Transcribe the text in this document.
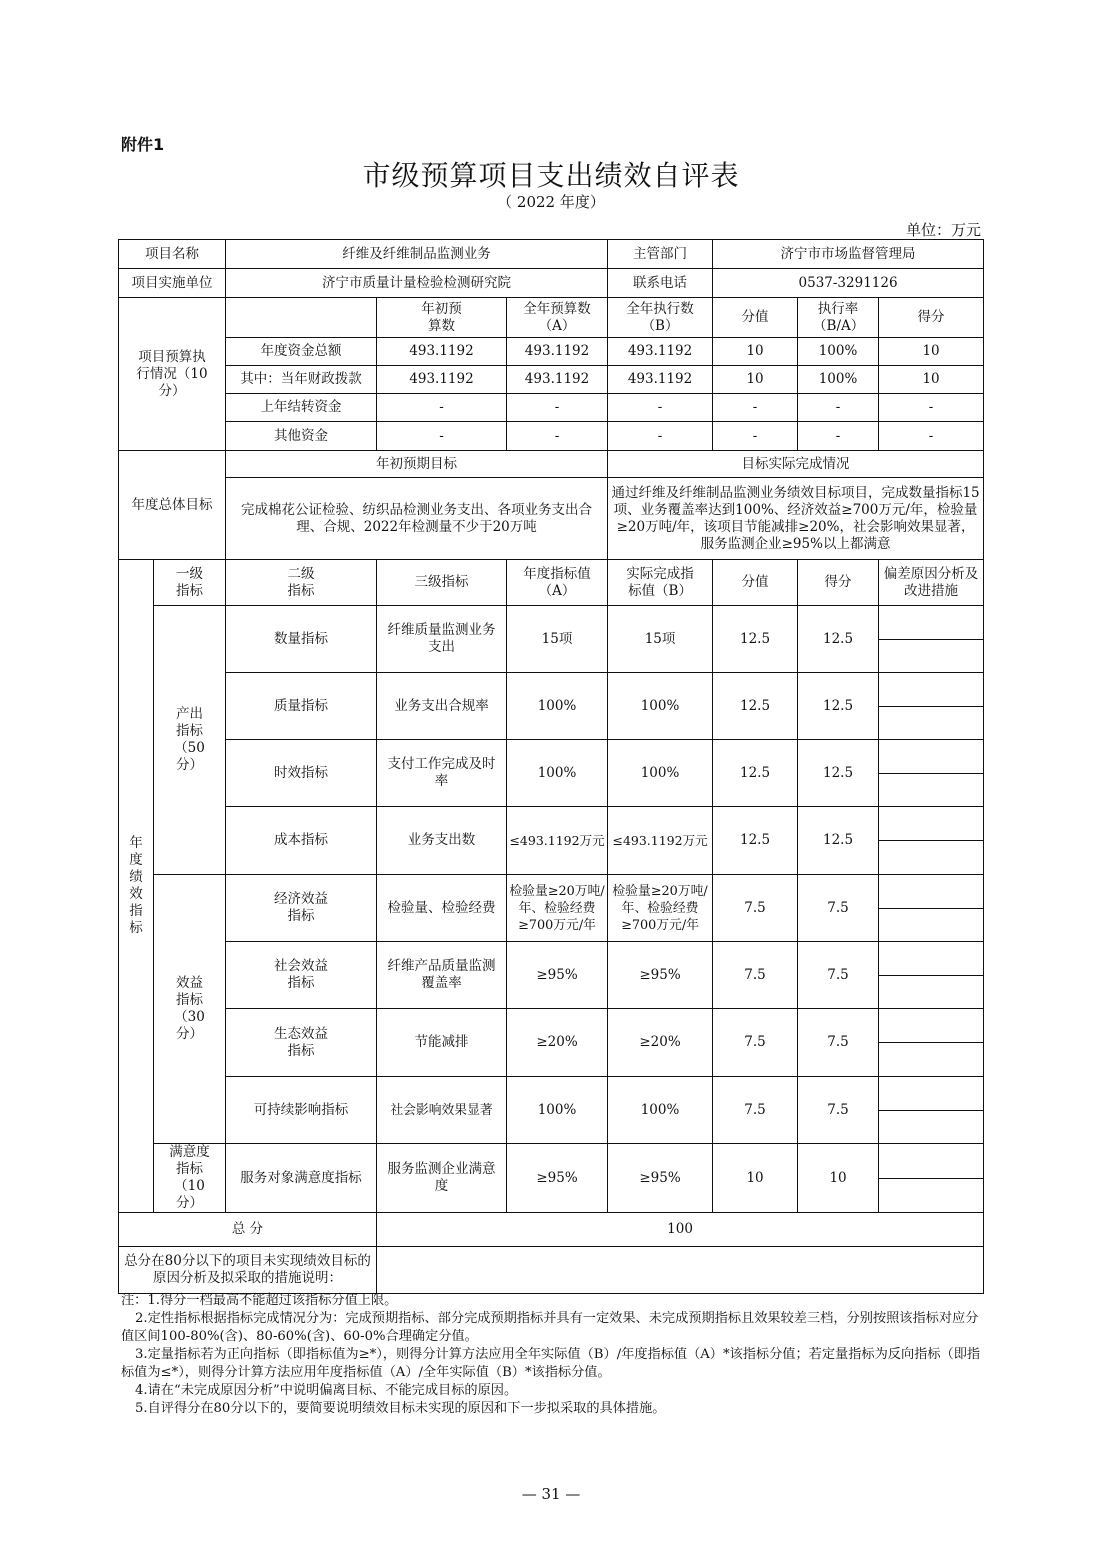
附件1
市级预算项目支出绩效自评表
（ 2022 年度）
单位：万元
项目名称		纤维及纤维制品监测业务			主管部门	济宁市市场监督管理局		
项目实施单位		济宁市质量计量检验检测研究院			联系电话	0537-3291126		

项目预算执行情况（10分）			年初预算数	全年预算数（A）	全年执行数（B）	分值	执行率（B/A）	得分
		年度资金总额	493.1192	493.1192	493.1192	10	100%	10
		其中：当年财政拨款	493.1192	493.1192	493.1192	10	100%	10
		上年结转资金	-	-	-	-	-	-
		其他资金	-	-	-	-	-	-
年度总体目标		年初预期目标			目标实际完成情况			

		完成棉花公证检验、纺织品检测业务支出、各项业务支出合理、合规、2022年检测量不少于20万吨			通过纤维及纤维制品监测业务绩效目标项目，完成数量指标15项、业务覆盖率达到100%、经济效益≥700万元/年，检验量≥20万吨/年，该项目节能减排≥20%，社会影响效果显著，服务监测企业≥95%以上都满意			

年度绩效指标	一级指标	二级指标	三级指标	年度指标值（A）	实际完成指标值（B）	分值	得分	偏差原因分析及改进措施

	产出指标（50分）	数量指标	纤维质量监测业务支出	15项	15项	12.5	12.5	

		质量指标	业务支出合规率	100%	100%	12.5	12.5	

		时效指标	支付工作完成及时率	100%	100%	12.5	12.5	

		成本指标	业务支出数	≤493.1192万元	≤493.1192万元	12.5	12.5	

	效益指标（30分）	经济效益指标	检验量、检验经费	检验量≥20万吨/年、检验经费≥700万元/年	检验量≥20万吨/年、检验经费≥700万元/年	7.5	7.5	

		社会效益指标	纤维产品质量监测覆盖率	≥95%	≥95%	7.5	7.5	

		生态效益指标	节能减排	≥20%	≥20%	7.5	7.5	

		可持续影响指标	社会影响效果显著	100%	100%	7.5	7.5	

	满意度指标（10分）	服务对象满意度指标	服务监测企业满意度	≥95%	≥95%	10	10	

总 分			100					
总分在80分以下的项目未实现绩效目标的原因分析及拟采取的措施说明：								

注：1.得分一档最高不能超过该指标分值上限。

2.定性指标根据指标完成情况分为：完成预期指标、部分完成预期指标并具有一定效果、未完成预期指标且效果较差三档，分别按照该指标对应分值区间100-80%(含)、80-60%(含)、60-0%合理确定分值。

3.定量指标若为正向指标（即指标值为≥*），则得分计算方法应用全年实际值（B）/年度指标值（A）*该指标分值；若定量指标为反向指标（即指标值为≤*），则得分计算方法应用年度指标值（A）/全年实际值（B）*该指标分值。

4.请在“未完成原因分析”中说明偏离目标、不能完成目标的原因。

5.自评得分在80分以下的，要简要说明绩效目标未实现的原因和下一步拟采取的具体措施。

— 31 —
